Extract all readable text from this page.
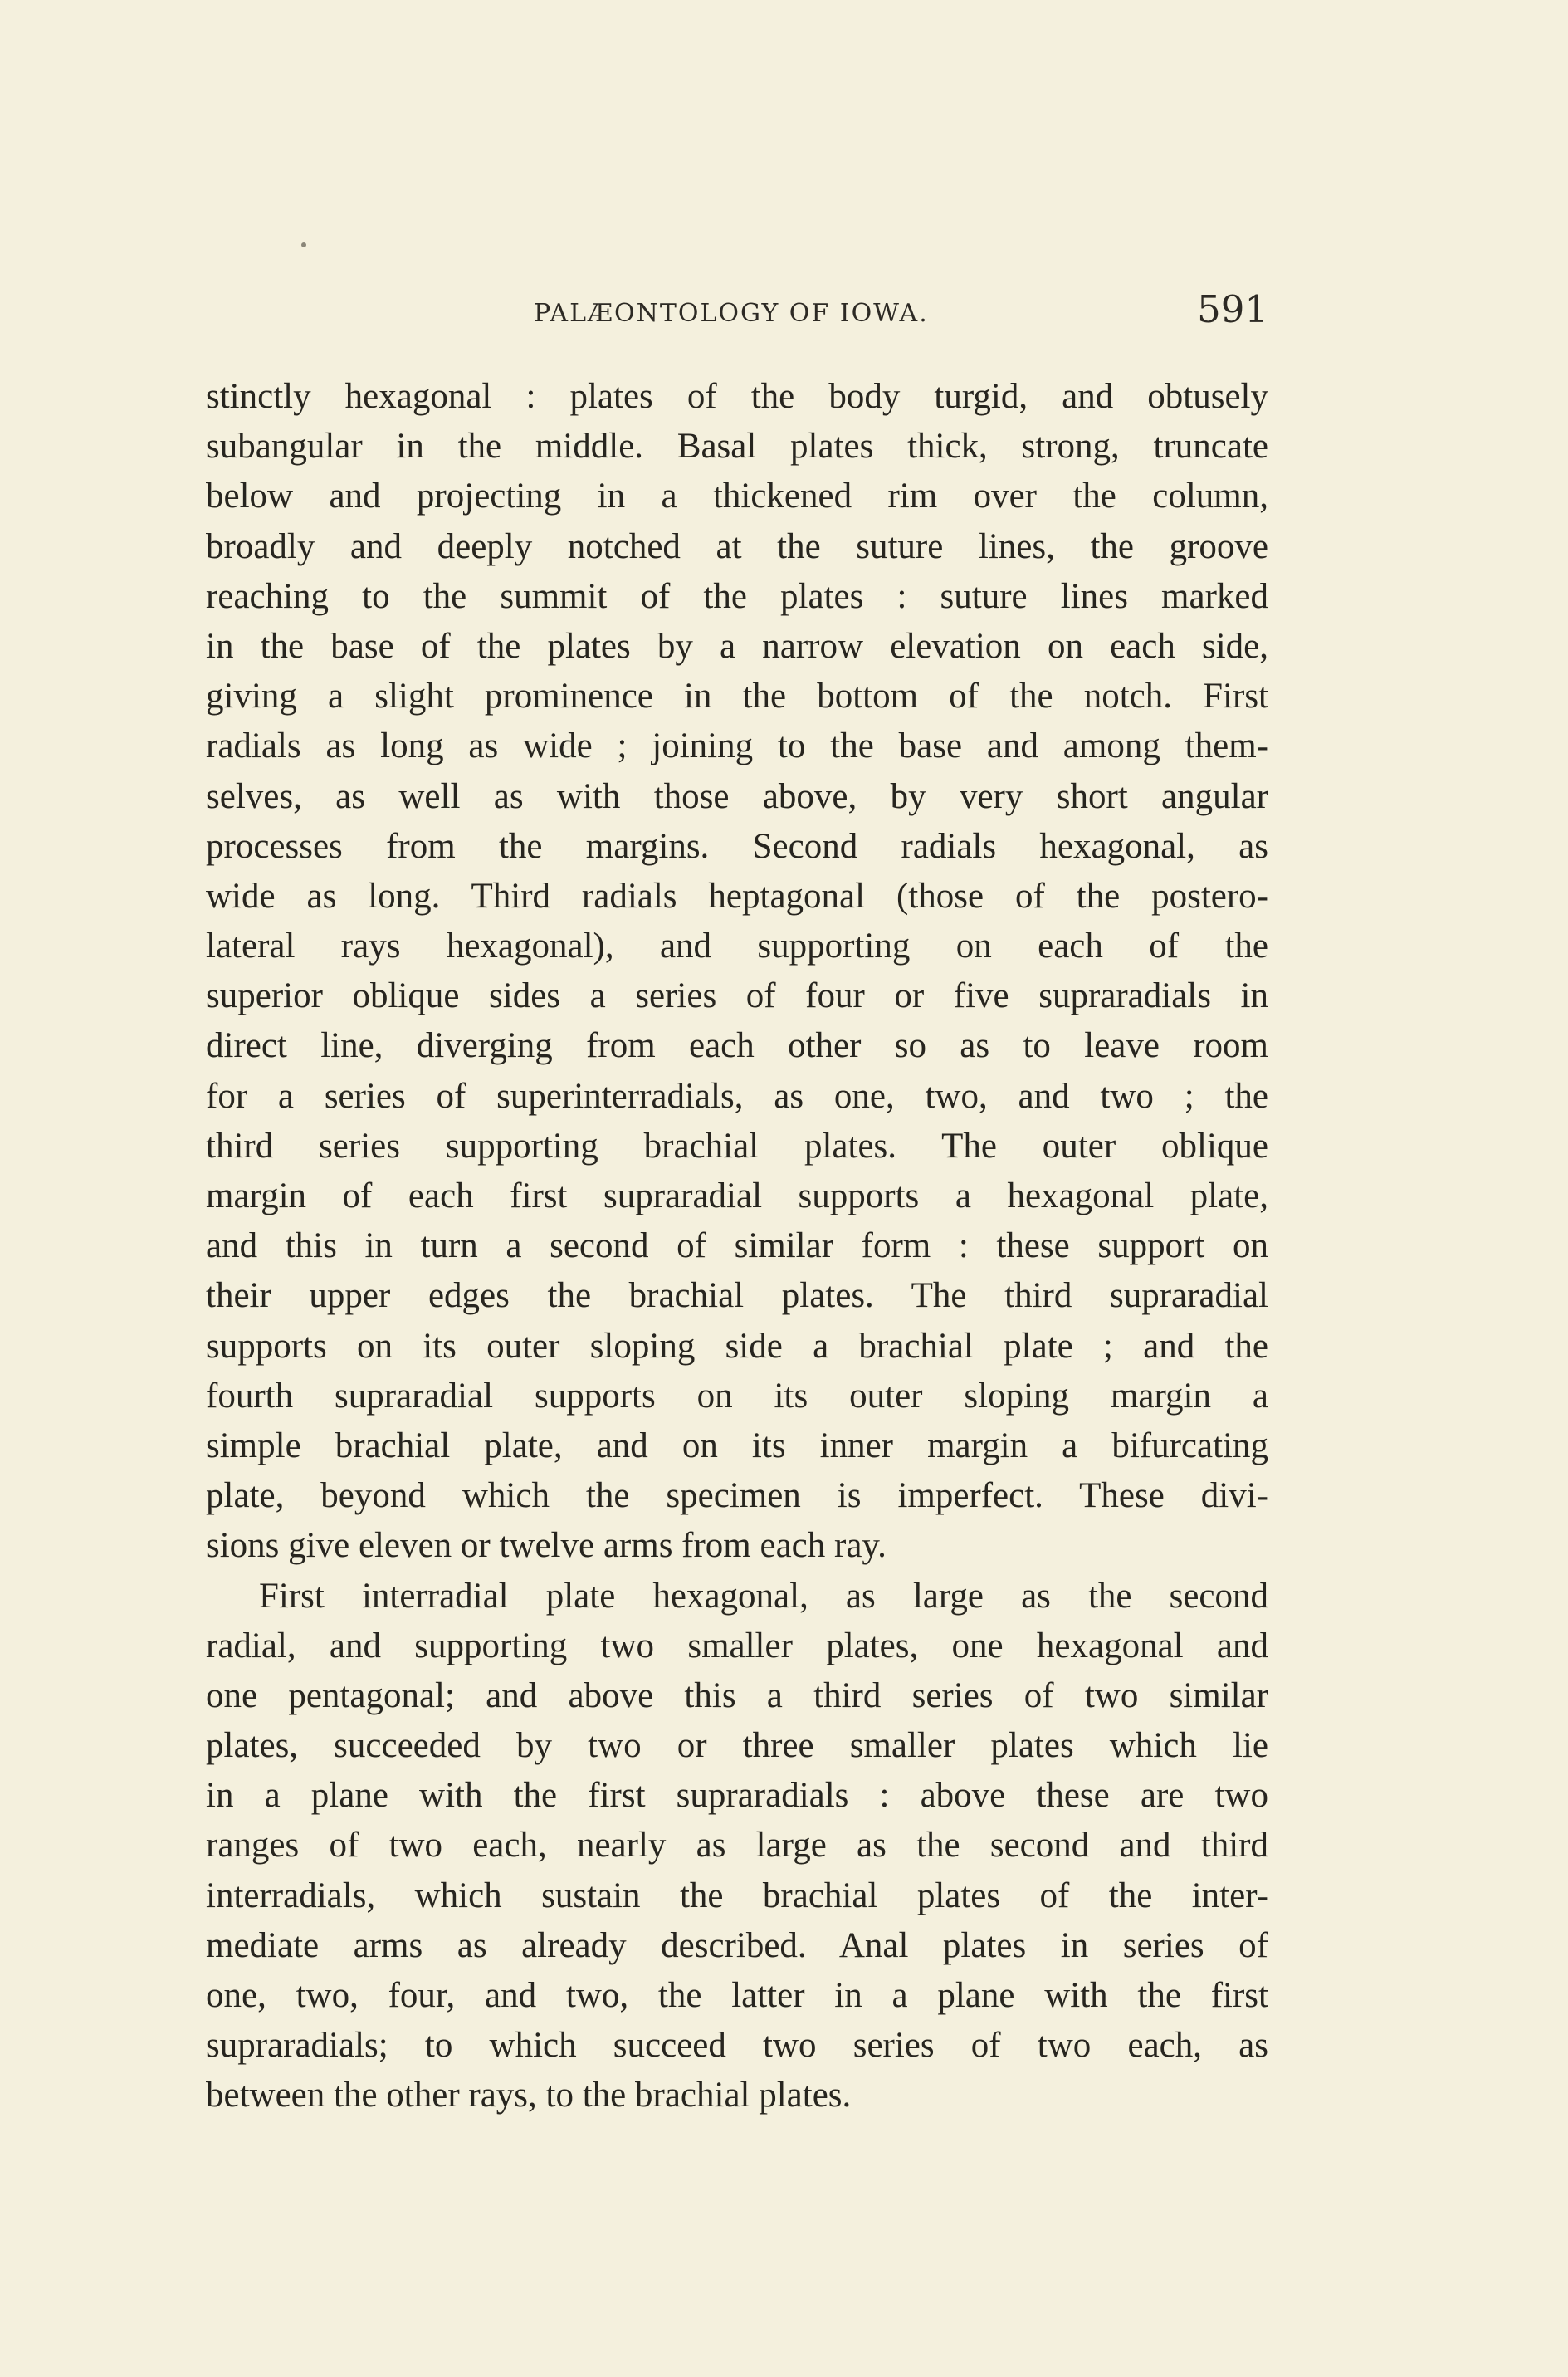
PALÆONTOLOGY OF IOWA.	591
stinctly hexagonal : plates of the body turgid, and obtusely
subangular in the middle. Basal plates thick, strong, truncate
below and projecting in a thickened rim over the column,
broadly and deeply notched at the suture lines, the groove
reaching to the summit of the plates : suture lines marked
in the base of the plates by a narrow elevation on each side,
giving a slight prominence in the bottom of the notch. First
radials as long as wide ; joining to the base and among them-
selves, as well as with those above, by very short angular
processes from the margins. Second radials hexagonal, as
wide as long. Third radials heptagonal (those of the postero-
lateral rays hexagonal), and supporting on each of the
superior oblique sides a series of four or five supraradials in
direct line, diverging from each other so as to leave room
for a series of superinterradials, as one, two, and two ; the
third series supporting brachial plates. The outer oblique
margin of each first supraradial supports a hexagonal plate,
and this in turn a second of similar form : these support on
their upper edges the brachial plates. The third supraradial
supports on its outer sloping side a brachial plate ; and the
fourth supraradial supports on its outer sloping margin a
simple brachial plate, and on its inner margin a bifurcating
plate, beyond which the specimen is imperfect. These divi-
sions give eleven or twelve arms from each ray.
First interradial plate hexagonal, as large as the second
radial, and supporting two smaller plates, one hexagonal and
one pentagonal; and above this a third series of two similar
plates, succeeded by two or three smaller plates which lie
in a plane with the first supraradials : above these are two
ranges of two each, nearly as large as the second and third
interradials, which sustain the brachial plates of the inter-
mediate arms as already described. Anal plates in series of
one, two, four, and two, the latter in a plane with the first
supraradials; to which succeed two series of two each, as
between the other rays, to the brachial plates.
